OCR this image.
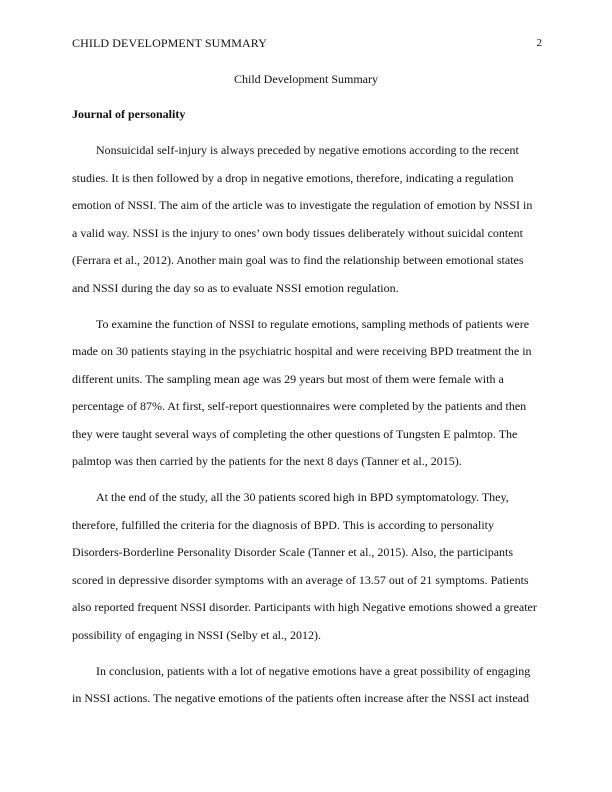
CHILD DEVELOPMENT SUMMARY	2
Child Development Summary
Journal of personality
Nonsuicidal self-injury is always preceded by negative emotions according to the recent
studies. It is then followed by a drop in negative emotions, therefore, indicating a regulation
emotion of NSSI. The aim of the article was to investigate the regulation of emotion by NSSI in
a valid way. NSSI is the injury to ones’ own body tissues deliberately without suicidal content
(Ferrara et al., 2012). Another main goal was to find the relationship between emotional states
and NSSI during the day so as to evaluate NSSI emotion regulation.
To examine the function of NSSI to regulate emotions, sampling methods of patients were
made on 30 patients staying in the psychiatric hospital and were receiving BPD treatment the in
different units. The sampling mean age was 29 years but most of them were female with a
percentage of 87%. At first, self-report questionnaires were completed by the patients and then
they were taught several ways of completing the other questions of Tungsten E palmtop. The
palmtop was then carried by the patients for the next 8 days (Tanner et al., 2015).
At the end of the study, all the 30 patients scored high in BPD symptomatology. They,
therefore, fulfilled the criteria for the diagnosis of BPD. This is according to personality
Disorders-Borderline Personality Disorder Scale (Tanner et al., 2015). Also, the participants
scored in depressive disorder symptoms with an average of 13.57 out of 21 symptoms. Patients
also reported frequent NSSI disorder. Participants with high Negative emotions showed a greater
possibility of engaging in NSSI (Selby et al., 2012).
In conclusion, patients with a lot of negative emotions have a great possibility of engaging
in NSSI actions. The negative emotions of the patients often increase after the NSSI act instead
